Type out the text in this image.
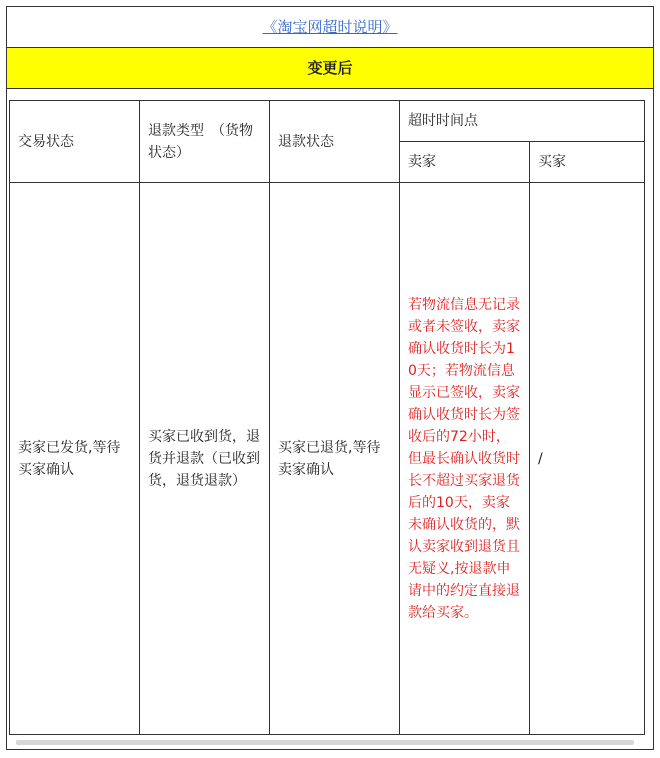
《淘宝网超时说明》
变更后
交易状态	退款类型　（货物状态）	退款状态	超时时间点	
			卖家	买家
卖家已发货,等待买家确认	买家已收到货，退货并退款（已收到货，退货退款）	买家已退货,等待卖家确认	若物流信息无记录或者未签收，卖家确认收货时长为10天；若物流信息显示已签收，卖家确认收货时长为签收后的72小时，　但最长确认收货时长不超过买家退货后的10天，卖家未确认收货的，默认卖家收到退货且无疑义,按退款申请中的约定直接退款给买家。	/
